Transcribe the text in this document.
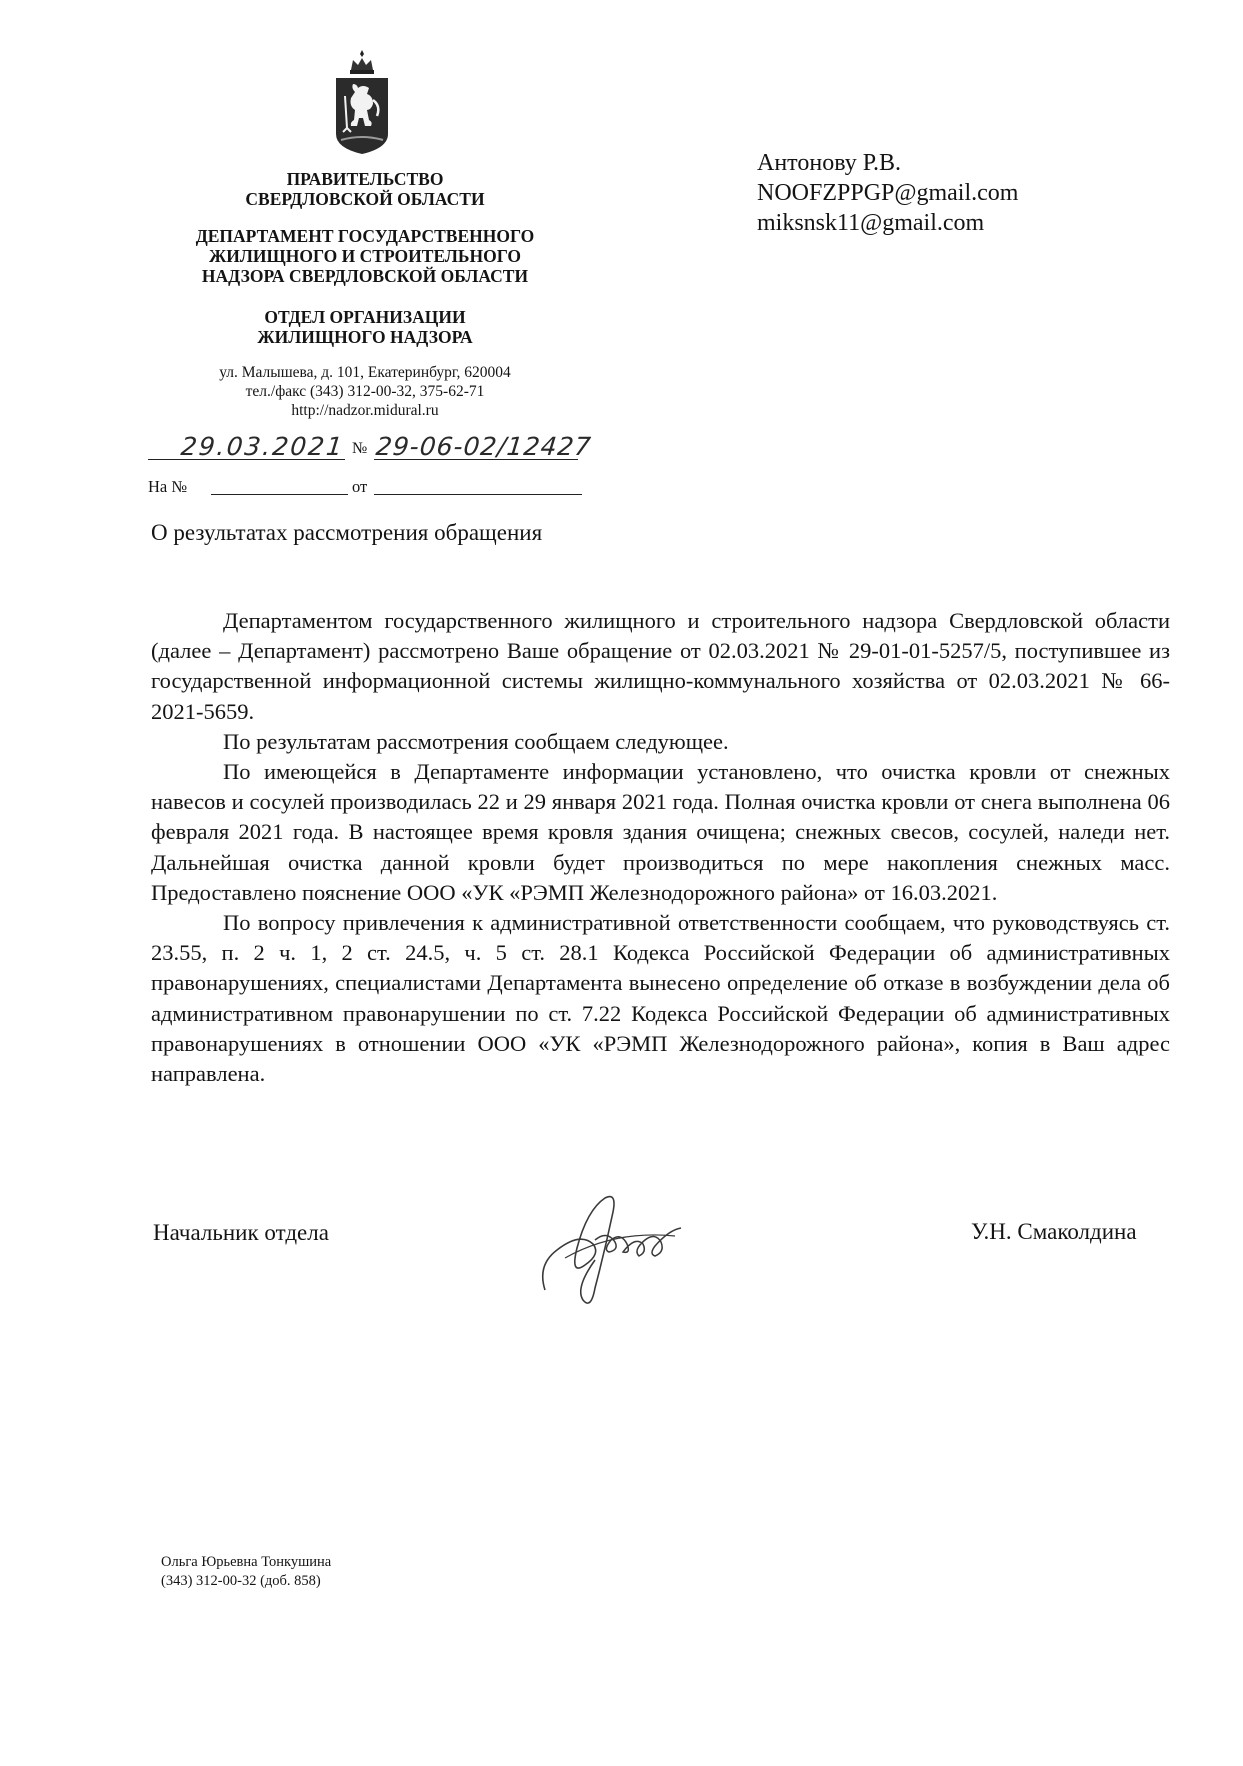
ПРАВИТЕЛЬСТВО
СВЕРДЛОВСКОЙ ОБЛАСТИ
ДЕПАРТАМЕНТ ГОСУДАРСТВЕННОГО
ЖИЛИЩНОГО И СТРОИТЕЛЬНОГО
НАДЗОРА СВЕРДЛОВСКОЙ ОБЛАСТИ
ОТДЕЛ ОРГАНИЗАЦИИ
ЖИЛИЩНОГО НАДЗОРА
ул. Малышева, д. 101, Екатеринбург, 620004
тел./факс (343) 312-00-32, 375-62-71
http://nadzor.midural.ru
29.03.2021 № 29-06-02/12427
На №	от
Антонову Р.В.
NOOFZPPGP@gmail.com
miksnsk11@gmail.com
О результатах рассмотрения обращения

Департаментом государственного жилищного и строительного надзора Свердловской области (далее – Департамент) рассмотрено Ваше обращение от 02.03.2021 № 29-01-01-5257/5, поступившее из государственной информационной системы жилищно-коммунального хозяйства от 02.03.2021 № 66-2021-5659.

По результатам рассмотрения сообщаем следующее.

По имеющейся в Департаменте информации установлено, что очистка кровли от снежных навесов и сосулей производилась 22 и 29 января 2021 года. Полная очистка кровли от снега выполнена 06 февраля 2021 года. В настоящее время кровля здания очищена; снежных свесов, сосулей, наледи нет. Дальнейшая очистка данной кровли будет производиться по мере накопления снежных масс. Предоставлено пояснение ООО «УК «РЭМП Железнодорожного района» от 16.03.2021.

По вопросу привлечения к административной ответственности сообщаем, что руководствуясь ст. 23.55, п. 2 ч. 1, 2 ст. 24.5, ч. 5 ст. 28.1 Кодекса Российской Федерации об административных правонарушениях, специалистами Департамента вынесено определение об отказе в возбуждении дела об административном правонарушении по ст. 7.22 Кодекса Российской Федерации об административных правонарушениях в отношении ООО «УК «РЭМП Железнодорожного района», копия в Ваш адрес направлена.

Начальник отдела	У.Н. Смаколдина
Ольга Юрьевна Тонкушина
(343) 312-00-32 (доб. 858)
